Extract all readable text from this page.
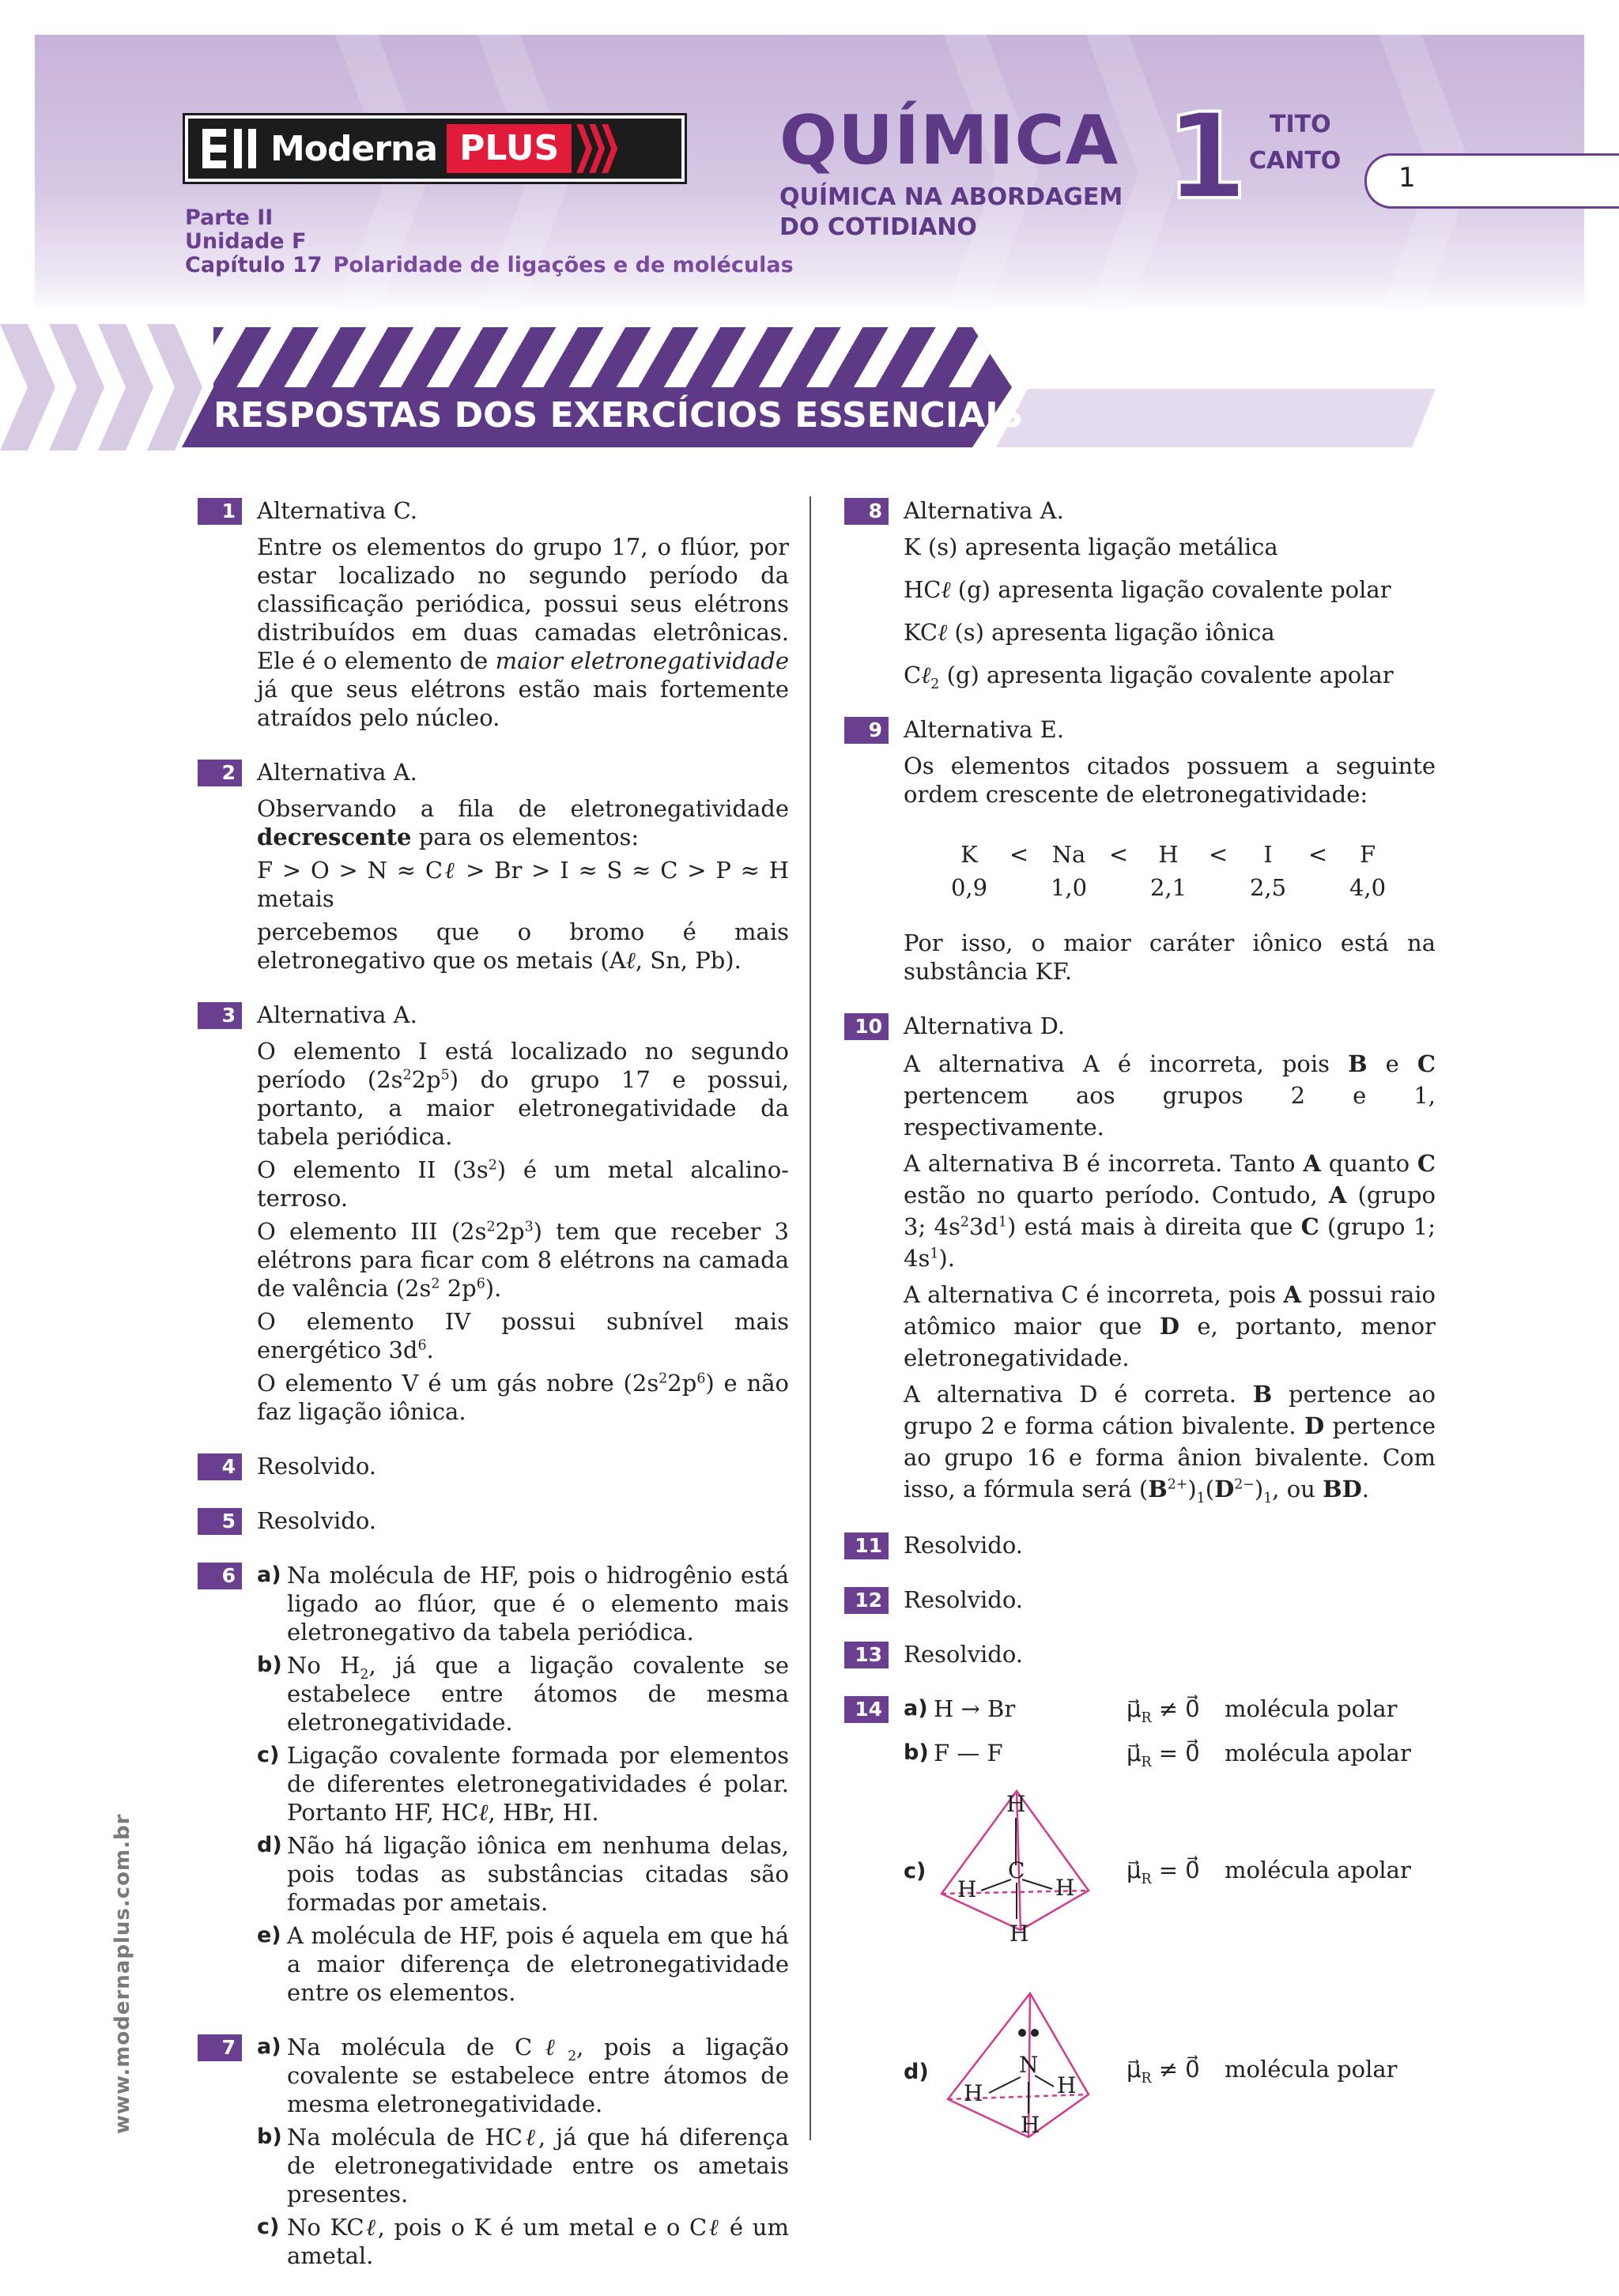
Moderna PLUS
Parte II
Unidade F
Capítulo 17 Polaridade de ligações e de moléculas
QUÍMICA
QUÍMICA NA ABORDAGEM
DO COTIDIANO
1 TITO
CANTO
1
RESPOSTAS DOS EXERCÍCIOS ESSENCIAIS
www.modernaplus.com.br
1 Alternativa C.

Entre os elementos do grupo 17, o flúor, por estar localizado no segundo período da classificação periódica, possui seus elétrons distribuídos em duas camadas eletrônicas. Ele é o elemento de maior eletronegatividade já que seus elétrons estão mais fortemente atraídos pelo núcleo.

2 Alternativa A.

Observando a fila de eletronegatividade decrescente para os elementos:

F > O > N ≈ Cℓ > Br > I ≈ S ≈ C > P ≈ H metais

percebemos que o bromo é mais eletronegativo que os metais (Aℓ, Sn, Pb).

3 Alternativa A.

O elemento I está localizado no segundo período $(2s^22p^5)$ do grupo 17 e possui, portanto, a maior eletronegatividade da tabela periódica.

O elemento II $(3s^2)$ é um metal alcalino-terroso.

O elemento III $(2s^22p^3)$ tem que receber 3 elétrons para ficar com 8 elétrons na camada de valência ($2s^2$ $2p^6$).

O elemento IV possui subnível mais energético $3d^6$.

O elemento V é um gás nobre $(2s^22p^6)$ e não faz ligação iônica.

4 Resolvido.

5 Resolvido.

6 a) Na molécula de HF, pois o hidrogênio está ligado ao flúor, que é o elemento mais eletronegativo da tabela periódica.
b) No $H_2$, já que a ligação covalente se estabelece entre átomos de mesma eletronegatividade.
c) Ligação covalente formada por elementos de diferentes eletronegatividades é polar. Portanto HF, HCℓ, HBr, HI.
d) Não há ligação iônica em nenhuma delas, pois todas as substâncias citadas são formadas por ametais.
e) A molécula de HF, pois é aquela em que há a maior diferença de eletronegatividade entre os elementos.
7 a) Na molécula de Cℓ$_2$, pois a ligação covalente se estabelece entre átomos de mesma eletronegatividade.
b) Na molécula de HCℓ, já que há diferença de eletronegatividade entre os ametais presentes.
c) No KCℓ, pois o K é um metal e o Cℓ é um ametal.
8 Alternativa A.

K (s) apresenta ligação metálica

HCℓ (g) apresenta ligação covalente polar

KCℓ (s) apresenta ligação iônica

Cℓ$_2$ (g) apresenta ligação covalente apolar

9 Alternativa E.

Os elementos citados possuem a seguinte ordem crescente de eletronegatividade:

K	<	Na	<	H	<	I	<	F
0,9	1,0	2,1	2,5	4,0

Por isso, o maior caráter iônico está na substância KF.

10 Alternativa D.

A alternativa A é incorreta, pois B e C pertencem aos grupos 2 e 1, respectivamente.

A alternativa B é incorreta. Tanto A quanto C estão no quarto período. Contudo, A (grupo 3; $4s^23d^1$) está mais à direita que C (grupo 1; $4s^1$).

A alternativa C é incorreta, pois A possui raio atômico maior que D e, portanto, menor eletronegatividade.

A alternativa D é correta. B pertence ao grupo 2 e forma cátion bivalente. D pertence ao grupo 16 e forma ânion bivalente. Com isso, a fórmula será $(B^{2+})_1(D^{2-})_1$, ou BD.

11 Resolvido.

12 Resolvido.

13 Resolvido.

14 a) H → Br	$\mu⃗_R$ ≠ 0⃗ molécula polar
b) F — F	$\mu⃗_R$ = 0⃗ molécula apolar
c)
H
C
H	H
H
$\mu⃗_R$ = 0⃗ molécula apolar
d)	N
H	H
H
$\mu⃗_R$ ≠ 0⃗ molécula polar
